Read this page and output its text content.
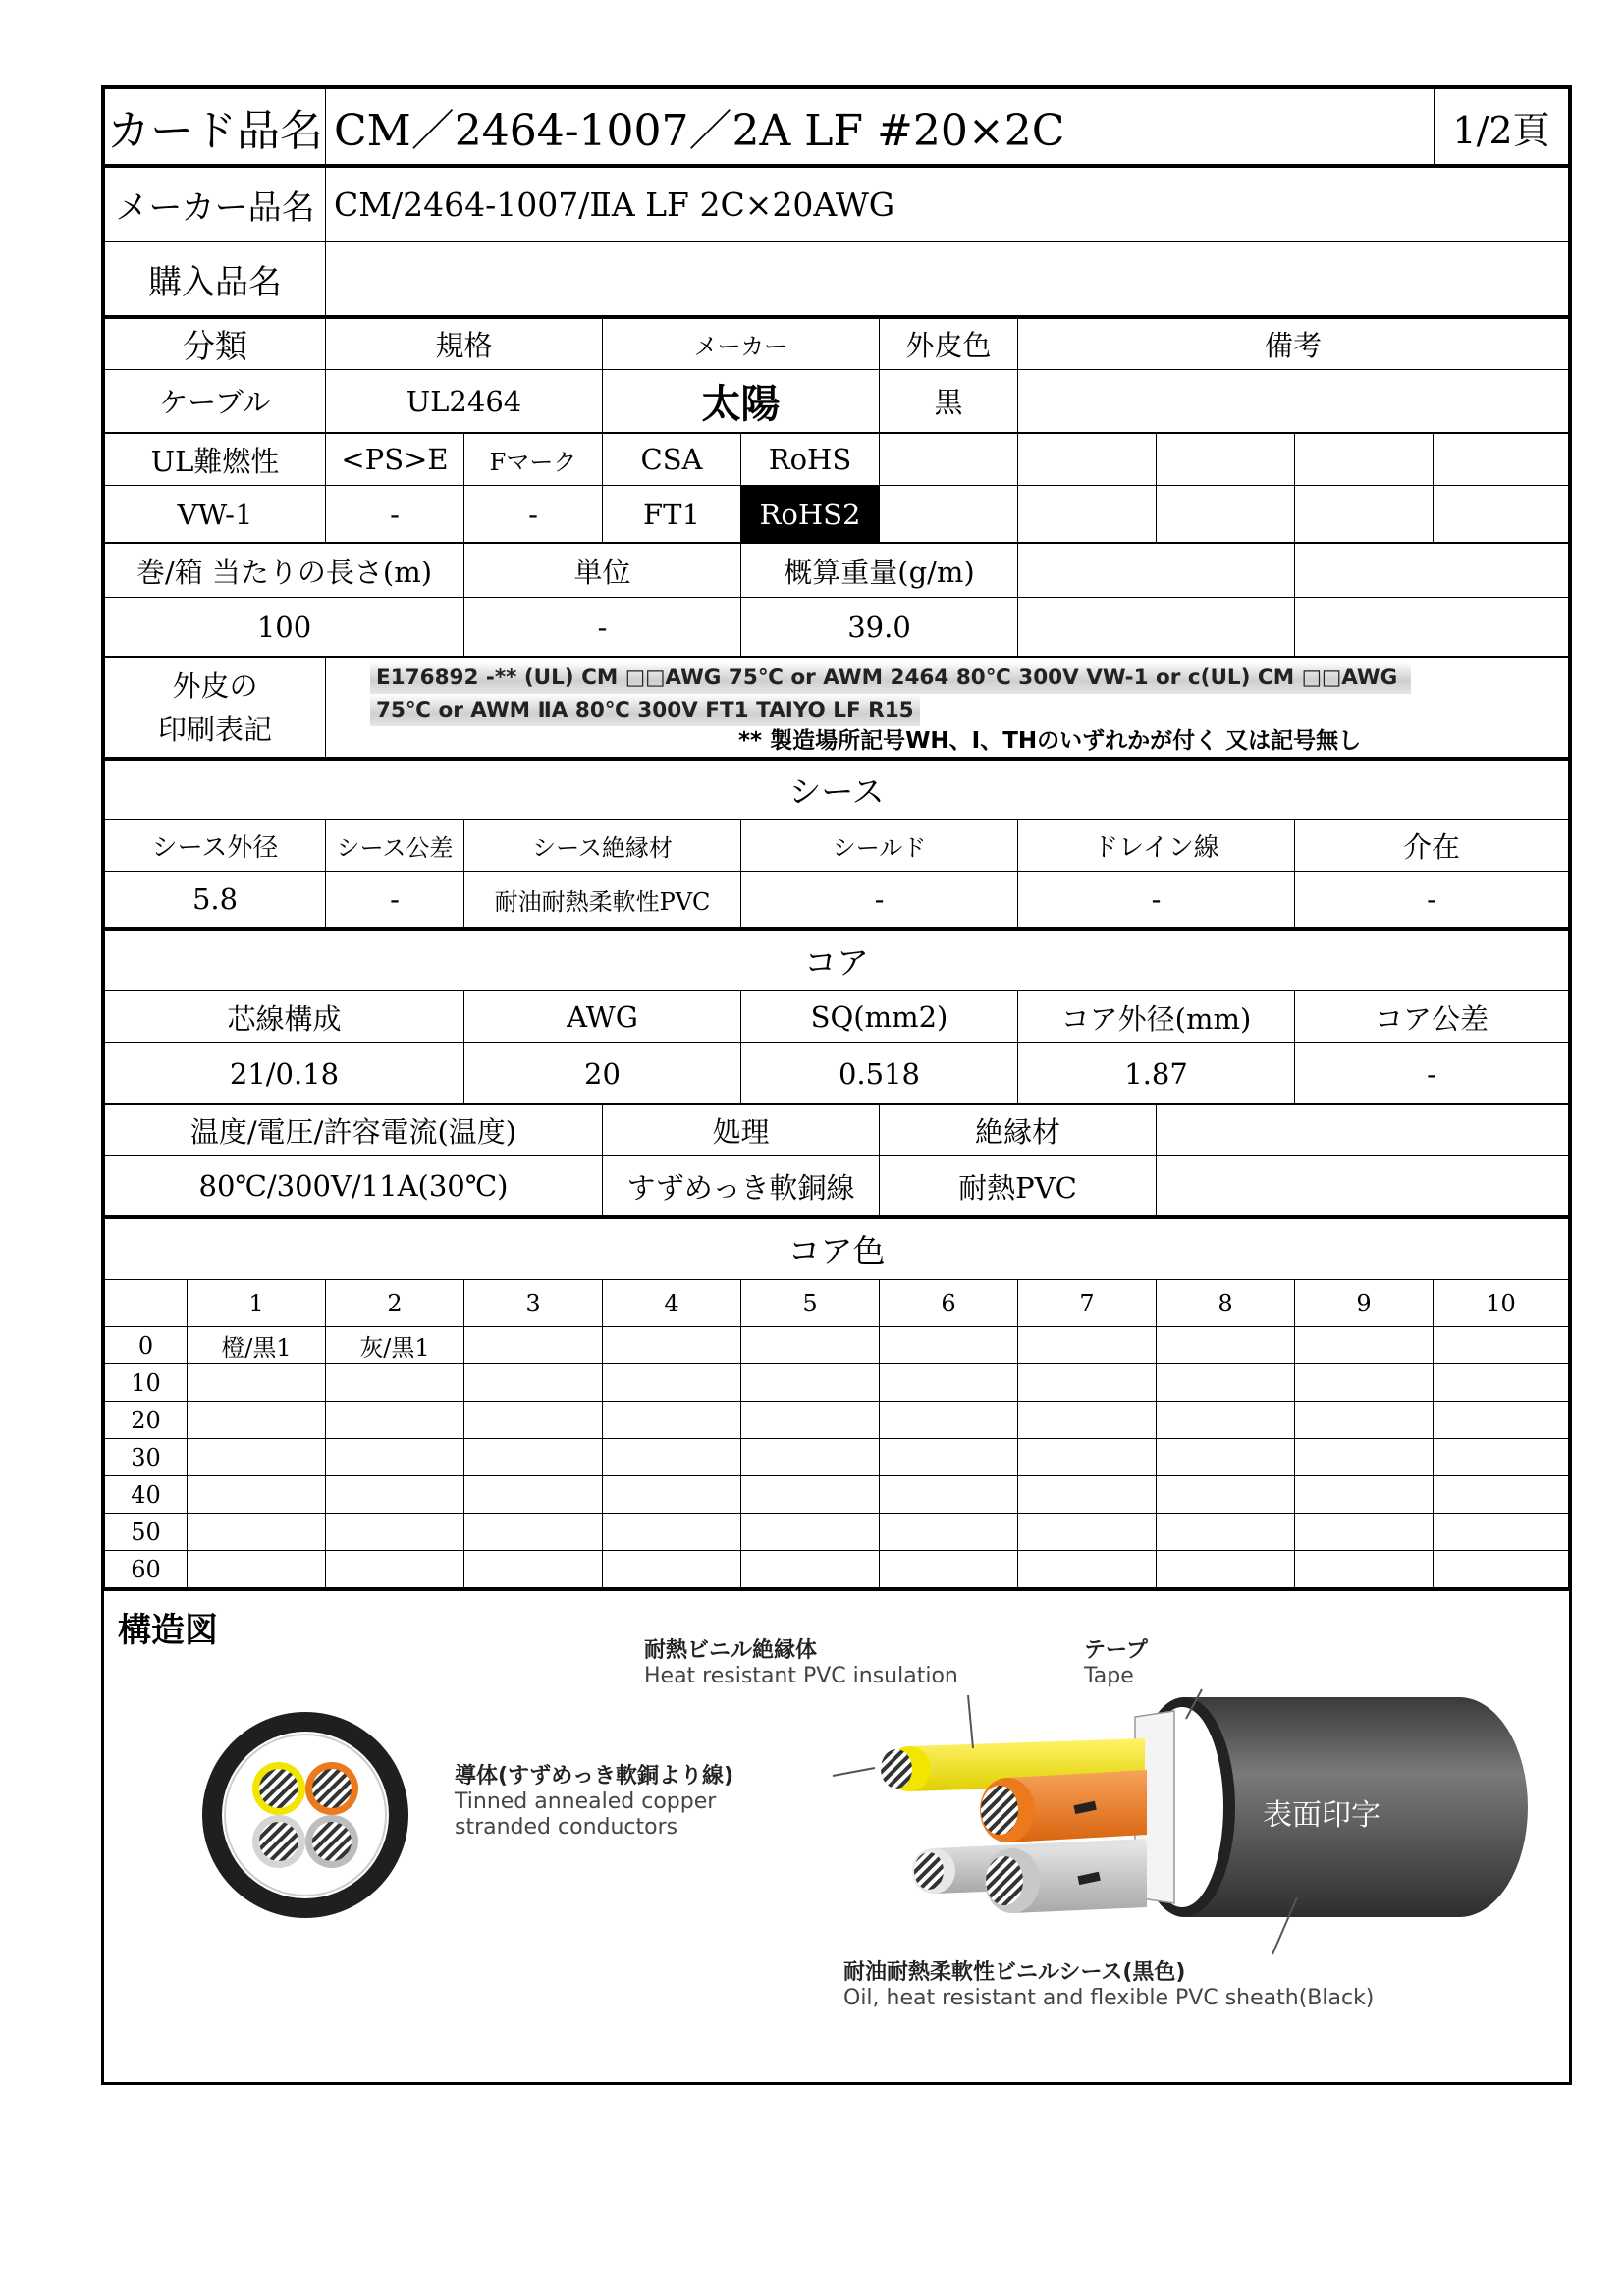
カード品名	CM／2464-1007／2A LF #20×2C	1/2頁
メーカー品名	CM/2464-1007/ⅡA LF 2C×20AWG
購入品名	
分類	規格	メーカー	外皮色	備考
ケーブル	UL2464	太陽	黒	
UL難燃性	<PS>E	Fマーク	CSA	RoHS					
VW-1	-	-	FT1	RoHS2					
巻/箱 当たりの長さ(m)	単位	概算重量(g/m)		
100	-	39.0		
外皮の
印刷表記

E176892 -** (UL) CM □□AWG 75℃ or AWM 2464 80℃ 300V VW-1 or c(UL) CM □□AWG
75℃ or AWM ⅡA 80℃ 300V FT1 TAIYO LF R15
** 製造場所記号WH、I、THのいずれかが付く 又は記号無し
シース					
シース外径	シース公差	シース絶縁材	シールド	ドレイン線	介在
5.8	-	耐油耐熱柔軟性PVC	-	-	-
コア				
芯線構成	AWG	SQ(mm2)	コア外径(mm)	コア公差
21/0.18	20	0.518	1.87	-
温度/電圧/許容電流(温度)	処理	絶縁材	
80℃/300V/11A(30℃)	すずめっき軟銅線	耐熱PVC	
コア色										
	1	2	3	4	5	6	7	8	9	10
0	橙/黒1	灰/黒1								
10										
20										
30										
40										
50										
60										
構造図
耐熱ビニル絶縁体
Heat resistant PVC insulation
テープ
Tape
導体(すずめっき軟銅より線)
Tinned annealed copper
stranded conductors
耐油耐熱柔軟性ビニルシース(黒色)
Oil, heat resistant and flexible PVC sheath(Black)
表面印字
